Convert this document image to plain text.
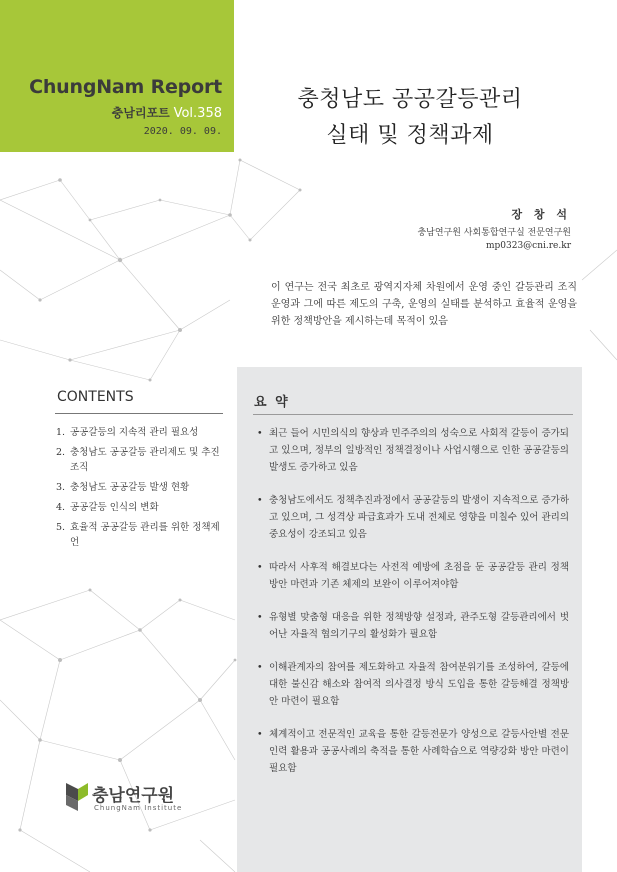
ChungNam Report
충남리포트 Vol.358
2020. 09. 09.
충청남도 공공갈등관리
실태 및 정책과제
장 창 석
충남연구원 사회통합연구실 전문연구원
mp0323@cni.re.kr
이 연구는 전국 최초로 광역지자체 차원에서 운영 중인 갈등관리 조직 운영과 그에 따른 제도의 구축, 운영의 실태를 분석하고 효율적 운영을 위한 정책방안을 제시하는데 목적이 있음
CONTENTS
1. 공공갈등의 지속적 관리 필요성
2. 충청남도 공공갈등 관리제도 및 추진조직
3. 충청남도 공공갈등 발생 현황
4. 공공갈등 인식의 변화
5. 효율적 공공갈등 관리를 위한 정책제언
요 약
• 최근 들어 시민의식의 향상과 민주주의의 성숙으로 사회적 갈등이 증가되고 있으며, 정부의 일방적인 정책결정이나 사업시행으로 인한 공공갈등의 발생도 증가하고 있음
• 충청남도에서도 정책추진과정에서 공공갈등의 발생이 지속적으로 증가하고 있으며, 그 성격상 파급효과가 도내 전체로 영향을 미칠수 있어 관리의 중요성이 강조되고 있음
• 따라서 사후적 해결보다는 사전적 예방에 초점을 둔 공공갈등 관리 정책방안 마련과 기존 체제의 보완이 이루어져야함
• 유형별 맞춤형 대응을 위한 정책방향 설정과, 관주도형 갈등관리에서 벗어난 자율적 협의기구의 활성화가 필요함
• 이해관계자의 참여를 제도화하고 자율적 참여분위기를 조성하여, 갈등에 대한 불신감 해소와 참여적 의사결정 방식 도입을 통한 갈등해결 정책방안 마련이 필요함
• 체계적이고 전문적인 교육을 통한 갈등전문가 양성으로 갈등사안별 전문 인력 활용과 공공사례의 축적을 통한 사례학습으로 역량강화 방안 마련이 필요함
충남연구원
ChungNam Institute
